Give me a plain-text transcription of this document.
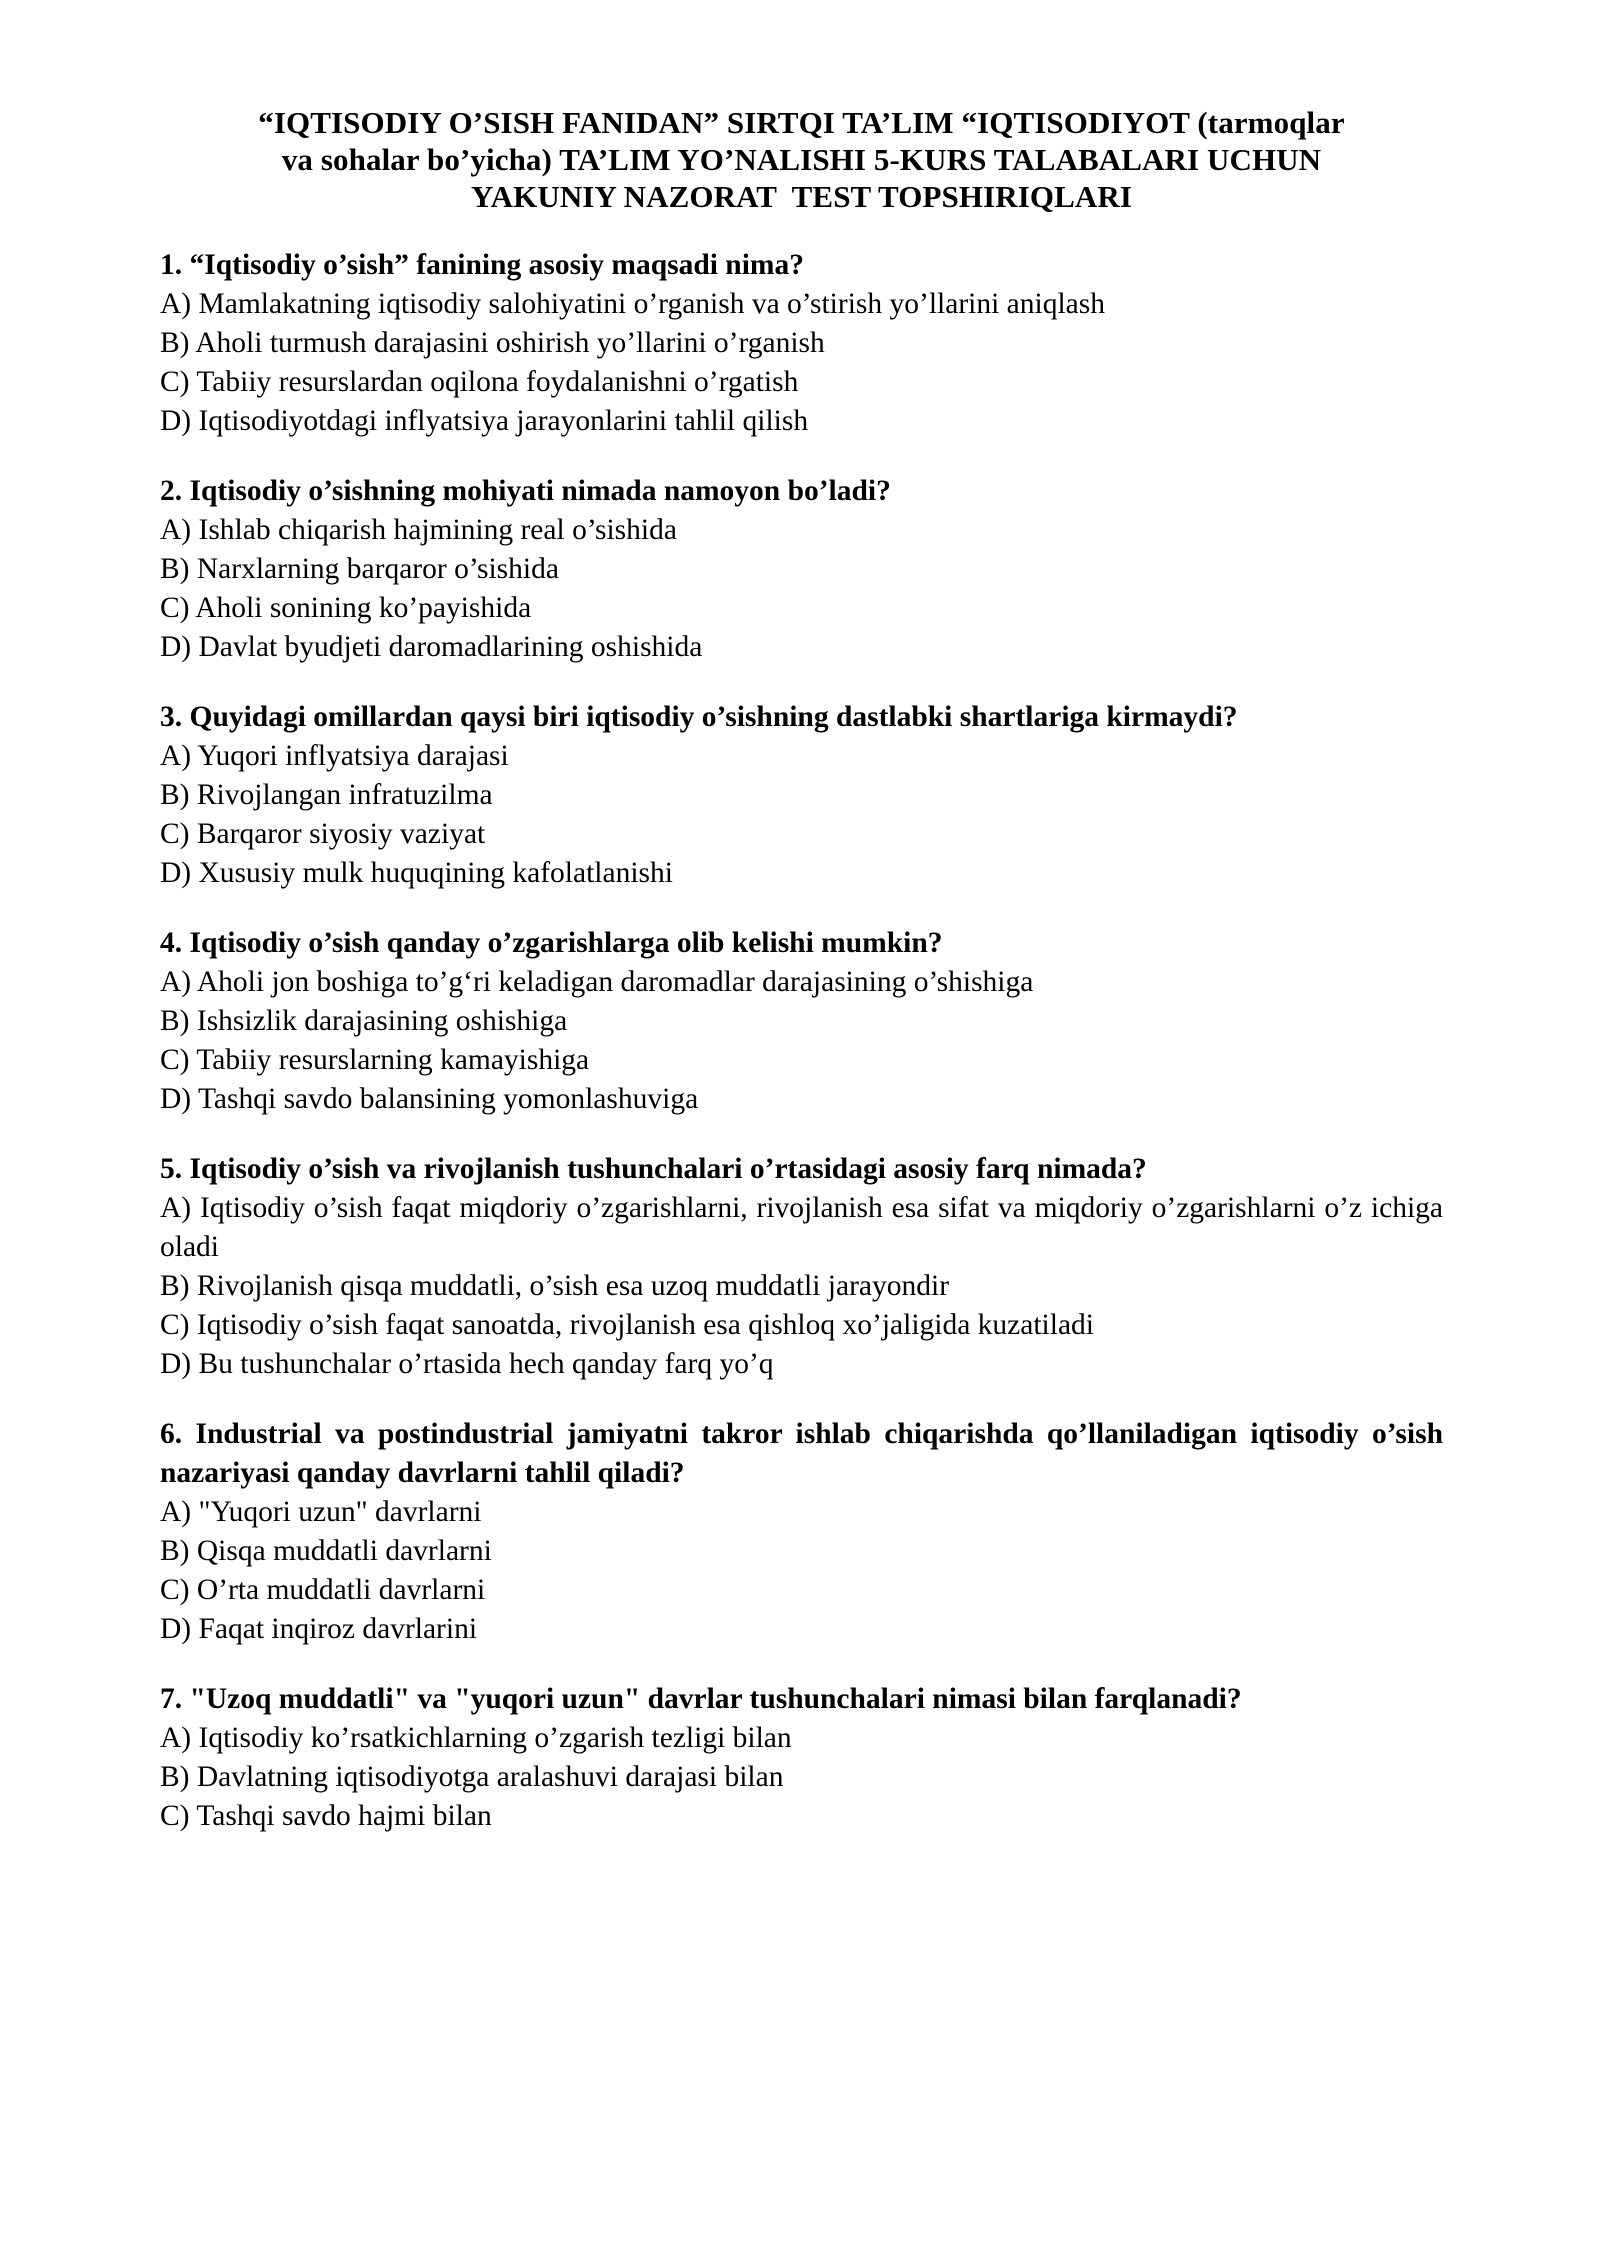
“IQTISODIY O’SISH FANIDAN” SIRTQI TA’LIM “IQTISODIYOT (tarmoqlar
va sohalar bo’yicha) TA’LIM YO’NALISHI 5-KURS TALABALARI UCHUN
YAKUNIY NAZORAT  TEST TOPSHIRIQLARI

1. “Iqtisodiy o’sish” fanining asosiy maqsadi nima?

A) Mamlakatning iqtisodiy salohiyatini o’rganish va o’stirish yo’llarini aniqlash

B) Aholi turmush darajasini oshirish yo’llarini o’rganish

C) Tabiiy resurslardan oqilona foydalanishni o’rgatish

D) Iqtisodiyotdagi inflyatsiya jarayonlarini tahlil qilish

2. Iqtisodiy o’sishning mohiyati nimada namoyon bo’ladi?

A) Ishlab chiqarish hajmining real o’sishida

B) Narxlarning barqaror o’sishida

C) Aholi sonining ko’payishida

D) Davlat byudjeti daromadlarining oshishida

3. Quyidagi omillardan qaysi biri iqtisodiy o’sishning dastlabki shartlariga kirmaydi?

A) Yuqori inflyatsiya darajasi

B) Rivojlangan infratuzilma

C) Barqaror siyosiy vaziyat

D) Xususiy mulk huquqining kafolatlanishi

4. Iqtisodiy o’sish qanday o’zgarishlarga olib kelishi mumkin?

A) Aholi jon boshiga to’g‘ri keladigan daromadlar darajasining o’shishiga

B) Ishsizlik darajasining oshishiga

C) Tabiiy resurslarning kamayishiga

D) Tashqi savdo balansining yomonlashuviga

5. Iqtisodiy o’sish va rivojlanish tushunchalari o’rtasidagi asosiy farq nimada?

A) Iqtisodiy o’sish faqat miqdoriy o’zgarishlarni, rivojlanish esa sifat va miqdoriy o’zgarishlarni o’z ichiga oladi

B) Rivojlanish qisqa muddatli, o’sish esa uzoq muddatli jarayondir

C) Iqtisodiy o’sish faqat sanoatda, rivojlanish esa qishloq xo’jaligida kuzatiladi

D) Bu tushunchalar o’rtasida hech qanday farq yo’q

6. Industrial va postindustrial jamiyatni takror ishlab chiqarishda qo’llaniladigan iqtisodiy o’sish nazariyasi qanday davrlarni tahlil qiladi?

A) "Yuqori uzun" davrlarni

B) Qisqa muddatli davrlarni

C) O’rta muddatli davrlarni

D) Faqat inqiroz davrlarini

7. "Uzoq muddatli" va "yuqori uzun" davrlar tushunchalari nimasi bilan farqlanadi?

A) Iqtisodiy ko’rsatkichlarning o’zgarish tezligi bilan

B) Davlatning iqtisodiyotga aralashuvi darajasi bilan

C) Tashqi savdo hajmi bilan
